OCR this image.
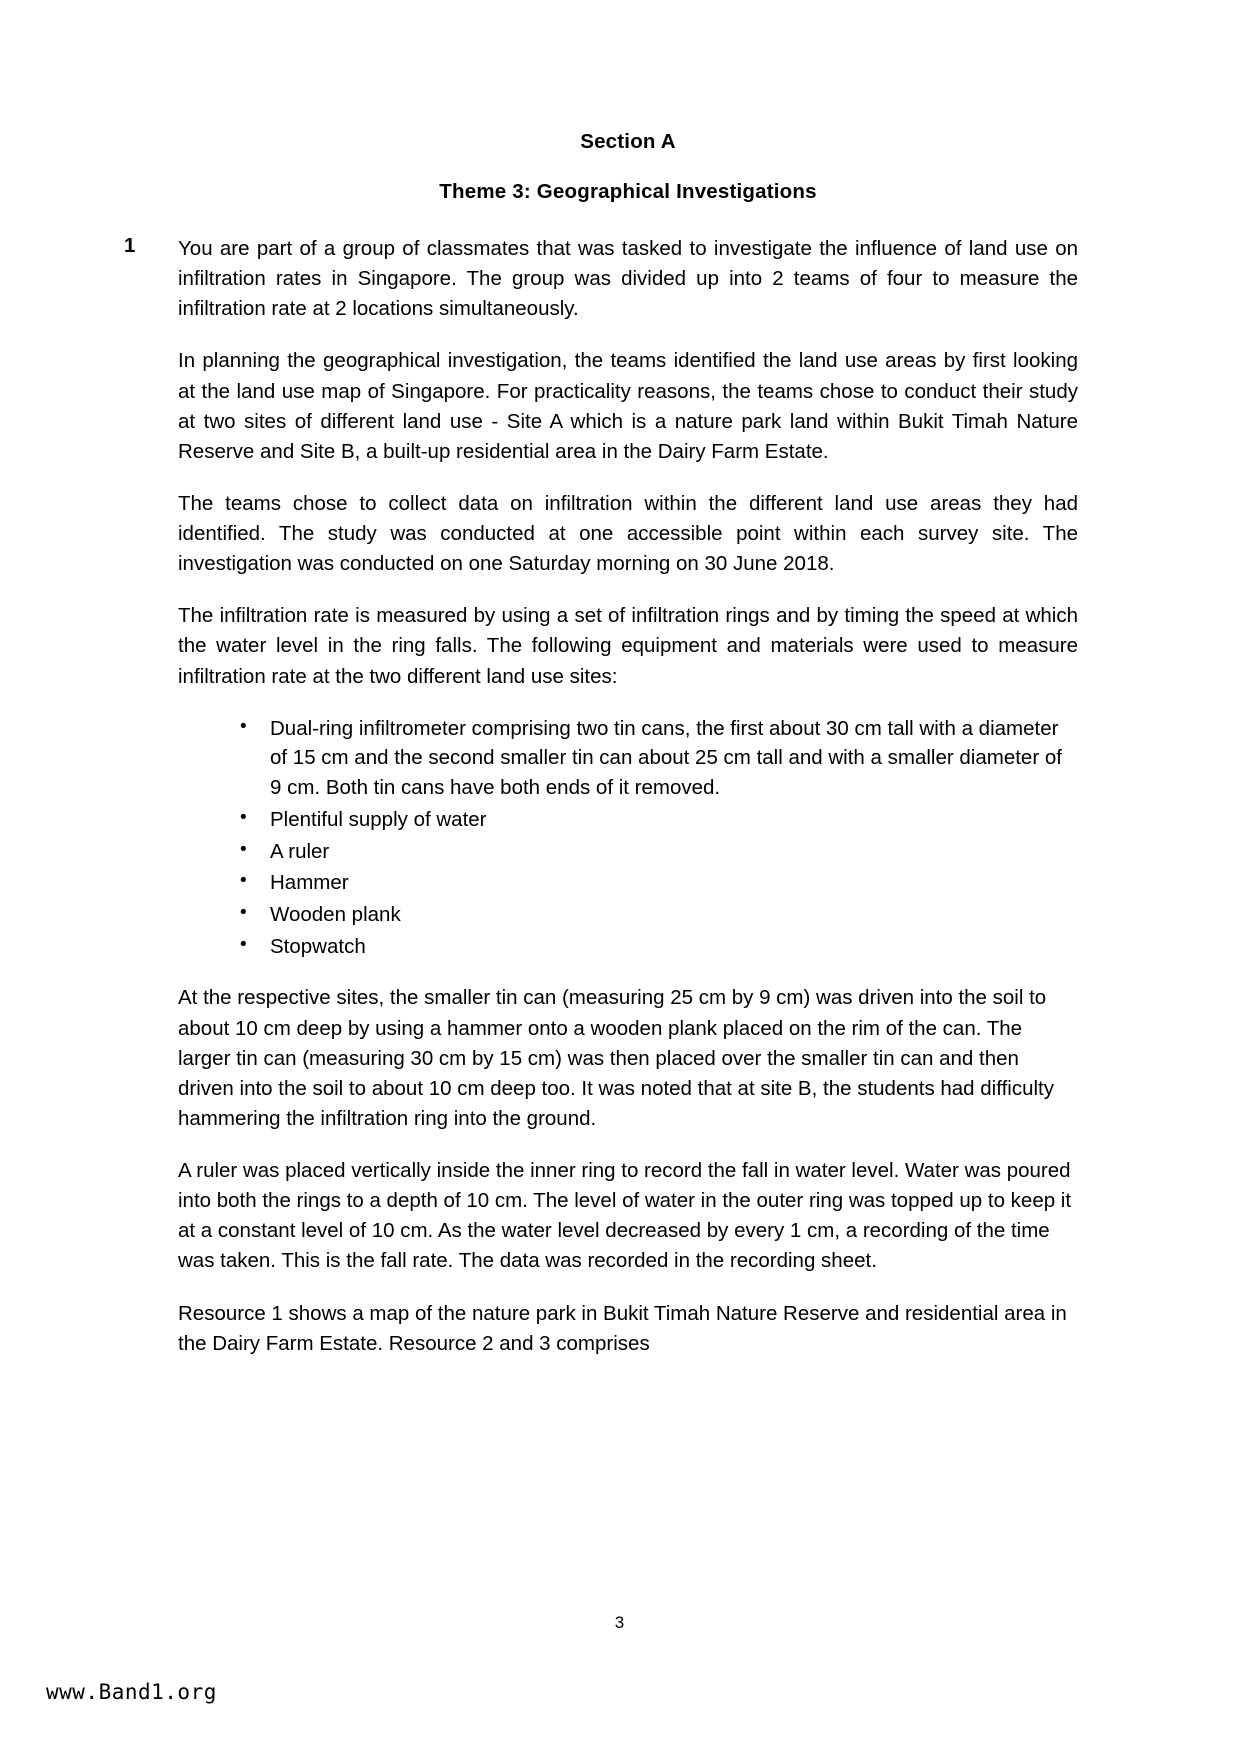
Section A
Theme 3: Geographical Investigations
1 You are part of a group of classmates that was tasked to investigate the influence of land use on infiltration rates in Singapore. The group was divided up into 2 teams of four to measure the infiltration rate at 2 locations simultaneously.

In planning the geographical investigation, the teams identified the land use areas by first looking at the land use map of Singapore. For practicality reasons, the teams chose to conduct their study at two sites of different land use - Site A which is a nature park land within Bukit Timah Nature Reserve and Site B, a built-up residential area in the Dairy Farm Estate.

The teams chose to collect data on infiltration within the different land use areas they had identified. The study was conducted at one accessible point within each survey site. The investigation was conducted on one Saturday morning on 30 June 2018.

The infiltration rate is measured by using a set of infiltration rings and by timing the speed at which the water level in the ring falls. The following equipment and materials were used to measure infiltration rate at the two different land use sites:

• Dual-ring infiltrometer comprising two tin cans, the first about 30 cm tall with a diameter of 15 cm and the second smaller tin can about 25 cm tall and with a smaller diameter of 9 cm. Both tin cans have both ends of it removed.
• Plentiful supply of water
• A ruler
• Hammer
• Wooden plank
• Stopwatch

At the respective sites, the smaller tin can (measuring 25 cm by 9 cm) was driven into the soil to about 10 cm deep by using a hammer onto a wooden plank placed on the rim of the can. The larger tin can (measuring 30 cm by 15 cm) was then placed over the smaller tin can and then driven into the soil to about 10 cm deep too. It was noted that at site B, the students had difficulty hammering the infiltration ring into the ground.

A ruler was placed vertically inside the inner ring to record the fall in water level. Water was poured into both the rings to a depth of 10 cm. The level of water in the outer ring was topped up to keep it at a constant level of 10 cm. As the water level decreased by every 1 cm, a recording of the time was taken. This is the fall rate. The data was recorded in the recording sheet.

Resource 1 shows a map of the nature park in Bukit Timah Nature Reserve and residential area in the Dairy Farm Estate. Resource 2 and 3 comprises

3
www.Band1.org
